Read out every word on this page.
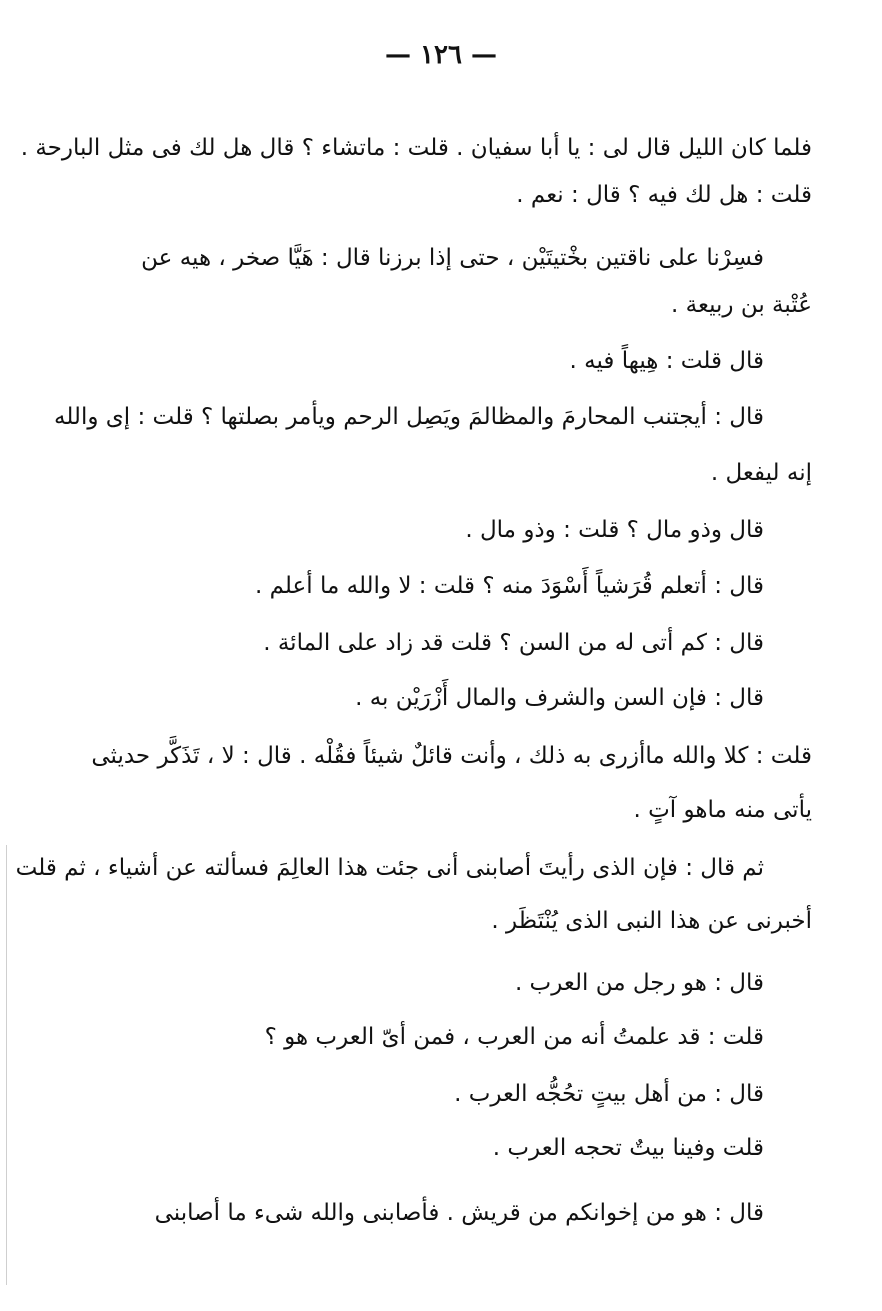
— ١٢٦ —
فلما كان الليل قال لى : يا أبا سفيان . قلت : ماتشاء ؟ قال هل لك فى مثل البارحة .
قلت : هل لك فيه ؟ قال : نعم .
فسِرْنا على ناقتين بخْتيتَيْن ، حتى إذا برزنا قال : هَيَّا صخر ، هيه عن
عُتْبة بن ربيعة .
قال قلت : هِيهاً فيه .
قال : أيجتنب المحارمَ والمظالمَ ويَصِل الرحم ويأمر بصلتها ؟ قلت : إى والله
إنه ليفعل .
قال وذو مال ؟ قلت : وذو مال .
قال : أتعلم قُرَشياً أَسْوَدَ منه ؟ قلت : لا والله ما أعلم .
قال : كم أتى له من السن ؟ قلت قد زاد على المائة .
قال : فإن السن والشرف والمال أَزْرَيْن به .
قلت : كلا والله ماأزرى به ذلك ، وأنت قائلٌ شيئاً فقُلْه . قال : لا ، تَذَكَّر حديثى
يأتى منه ماهو آتٍ .
ثم قال : فإن الذى رأيتَ أصابنى أنى جئت هذا العالِمَ فسألته عن أشياء ، ثم قلت
أخبرنى عن هذا النبى الذى يُنْتَظَر .
قال : هو رجل من العرب .
قلت : قد علمتُ أنه من العرب ، فمن أىّ العرب هو ؟
قال : من أهل بيتٍ تحُجُّه العرب .
قلت وفينا بيتٌ تحجه العرب .
قال : هو من إخوانكم من قريش . فأصابنى والله شىء ما أصابنى
